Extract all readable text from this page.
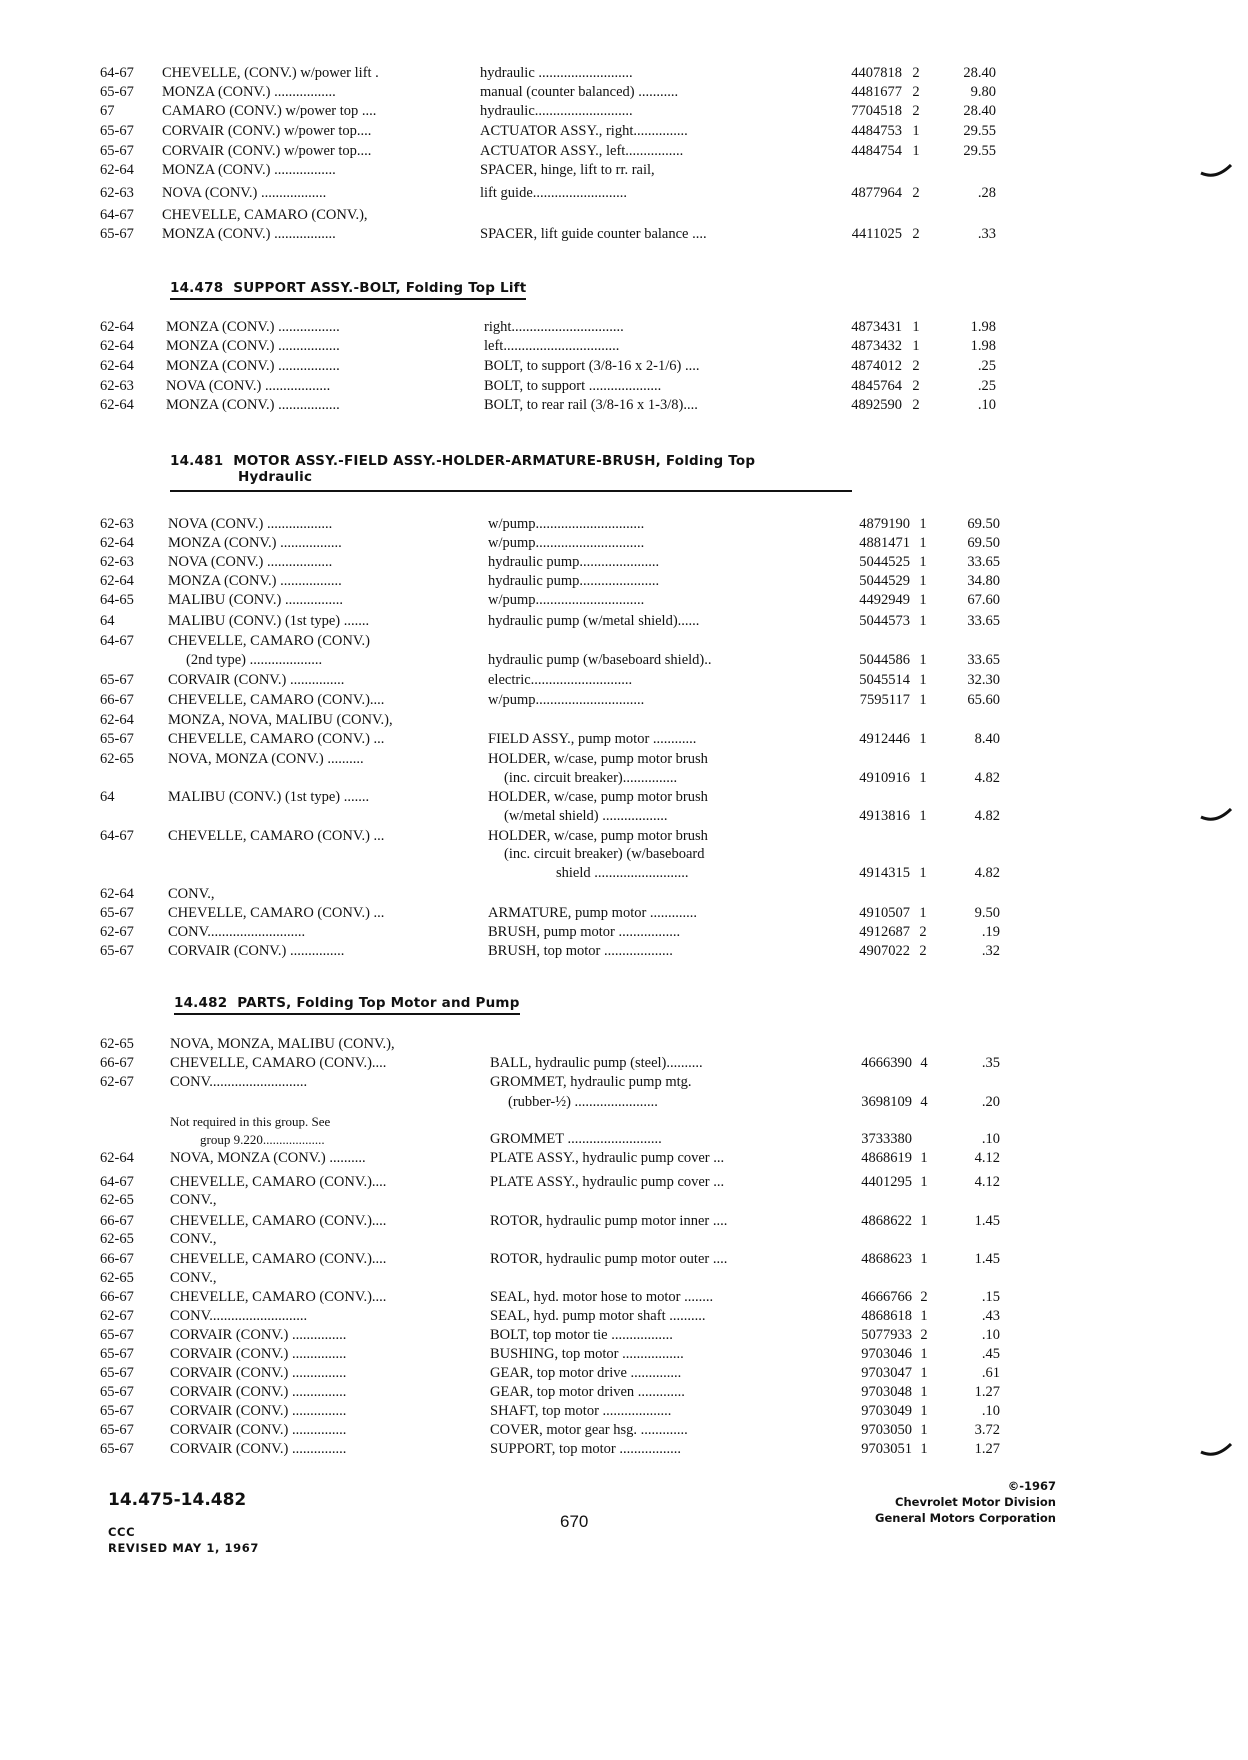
64-67 CHEVELLE, (CONV.) w/power lift .	hydraulic ..........................	4407818 2	28.40
65-67 MONZA (CONV.) .................	manual (counter balanced) ...........	4481677 2	9.80
67	CAMARO (CONV.) w/power top ....	hydraulic...........................	7704518 2	28.40
65-67 CORVAIR (CONV.) w/power top....	ACTUATOR ASSY., right...............	4484753 1	29.55
65-67 CORVAIR (CONV.) w/power top....	ACTUATOR ASSY., left................	4484754 1	29.55
62-64 MONZA (CONV.) .................	SPACER, hinge, lift to rr. rail,
62-63 NOVA (CONV.) ..................	lift guide..........................	4877964 2	.28
64-67 CHEVELLE, CAMARO (CONV.),
65-67 MONZA (CONV.) .................	SPACER, lift guide counter balance ....	4411025 2	.33
14.478 SUPPORT ASSY.-BOLT, Folding Top Lift
62-64 MONZA (CONV.) .................	right...............................	4873431 1	1.98
62-64 MONZA (CONV.) .................	left................................	4873432 1	1.98
62-64 MONZA (CONV.) .................	BOLT, to support (3/8-16 x 2-1/6) ....	4874012 2	.25
62-63 NOVA (CONV.) ..................	BOLT, to support ....................	4845764 2	.25
62-64 MONZA (CONV.) .................	BOLT, to rear rail (3/8-16 x 1-3/8)....	4892590 2	.10
14.481 MOTOR ASSY.-FIELD ASSY.-HOLDER-ARMATURE-BRUSH, Folding Top
Hydraulic
62-63 NOVA (CONV.) ..................	w/pump..............................	4879190 1	69.50
62-64 MONZA (CONV.) .................	w/pump..............................	4881471 1	69.50
62-63 NOVA (CONV.) ..................	hydraulic pump......................	5044525 1	33.65
62-64 MONZA (CONV.) .................	hydraulic pump......................	5044529 1	34.80
64-65 MALIBU (CONV.) ................	w/pump..............................	4492949 1	67.60
64	MALIBU (CONV.) (1st type) .......	hydraulic pump (w/metal shield)......	5044573 1	33.65
64-67 CHEVELLE, CAMARO (CONV.)
(2nd type) ....................	hydraulic pump (w/baseboard shield)..	5044586 1	33.65
65-67 CORVAIR (CONV.) ...............	electric............................	5045514 1	32.30
66-67 CHEVELLE, CAMARO (CONV.)....	w/pump..............................	7595117 1	65.60
62-64 MONZA, NOVA, MALIBU (CONV.),
65-67 CHEVELLE, CAMARO (CONV.) ...	FIELD ASSY., pump motor ............	4912446 1	8.40
62-65 NOVA, MONZA (CONV.) ..........	HOLDER, w/case, pump motor brush
(inc. circuit breaker)...............	4910916 1	4.82
64	MALIBU (CONV.) (1st type) .......	HOLDER, w/case, pump motor brush
(w/metal shield) ..................	4913816 1	4.82
64-67 CHEVELLE, CAMARO (CONV.) ...	HOLDER, w/case, pump motor brush
(inc. circuit breaker) (w/baseboard
shield ..........................	4914315 1	4.82
62-64 CONV.,
65-67 CHEVELLE, CAMARO (CONV.) ...	ARMATURE, pump motor .............	4910507 1	9.50
62-67 CONV...........................	BRUSH, pump motor .................	4912687 2	.19
65-67 CORVAIR (CONV.) ...............	BRUSH, top motor ...................	4907022 2	.32
14.482 PARTS, Folding Top Motor and Pump
62-65 NOVA, MONZA, MALIBU (CONV.),
66-67 CHEVELLE, CAMARO (CONV.)....	BALL, hydraulic pump (steel)..........	4666390 4	.35
62-67 CONV...........................	GROMMET, hydraulic pump mtg.
(rubber-½) .......................	3698109 4	.20
Not required in this group. See
group 9.220...................	GROMMET ..........................	3733380	.10
62-64 NOVA, MONZA (CONV.) ..........	PLATE ASSY., hydraulic pump cover ...	4868619 1	4.12
64-67 CHEVELLE, CAMARO (CONV.)....	PLATE ASSY., hydraulic pump cover ...	4401295 1	4.12
62-65 CONV.,
66-67 CHEVELLE, CAMARO (CONV.)....	ROTOR, hydraulic pump motor inner ....	4868622 1	1.45
62-65 CONV.,
66-67 CHEVELLE, CAMARO (CONV.)....	ROTOR, hydraulic pump motor outer ....	4868623 1	1.45
62-65 CONV.,
66-67 CHEVELLE, CAMARO (CONV.)....	SEAL, hyd. motor hose to motor ........	4666766 2	.15
62-67 CONV...........................	SEAL, hyd. pump motor shaft ..........	4868618 1	.43
65-67 CORVAIR (CONV.) ...............	BOLT, top motor tie .................	5077933 2	.10
65-67 CORVAIR (CONV.) ...............	BUSHING, top motor .................	9703046 1	.45
65-67 CORVAIR (CONV.) ...............	GEAR, top motor drive ..............	9703047 1	.61
65-67 CORVAIR (CONV.) ...............	GEAR, top motor driven .............	9703048 1	1.27
65-67 CORVAIR (CONV.) ...............	SHAFT, top motor ...................	9703049 1	.10
65-67 CORVAIR (CONV.) ...............	COVER, motor gear hsg. .............	9703050 1	3.72
65-67 CORVAIR (CONV.) ...............	SUPPORT, top motor .................	9703051 1	1.27
14.475-14.482
CCC
REVISED MAY 1, 1967
670
©-1967
Chevrolet Motor Division
General Motors Corporation
